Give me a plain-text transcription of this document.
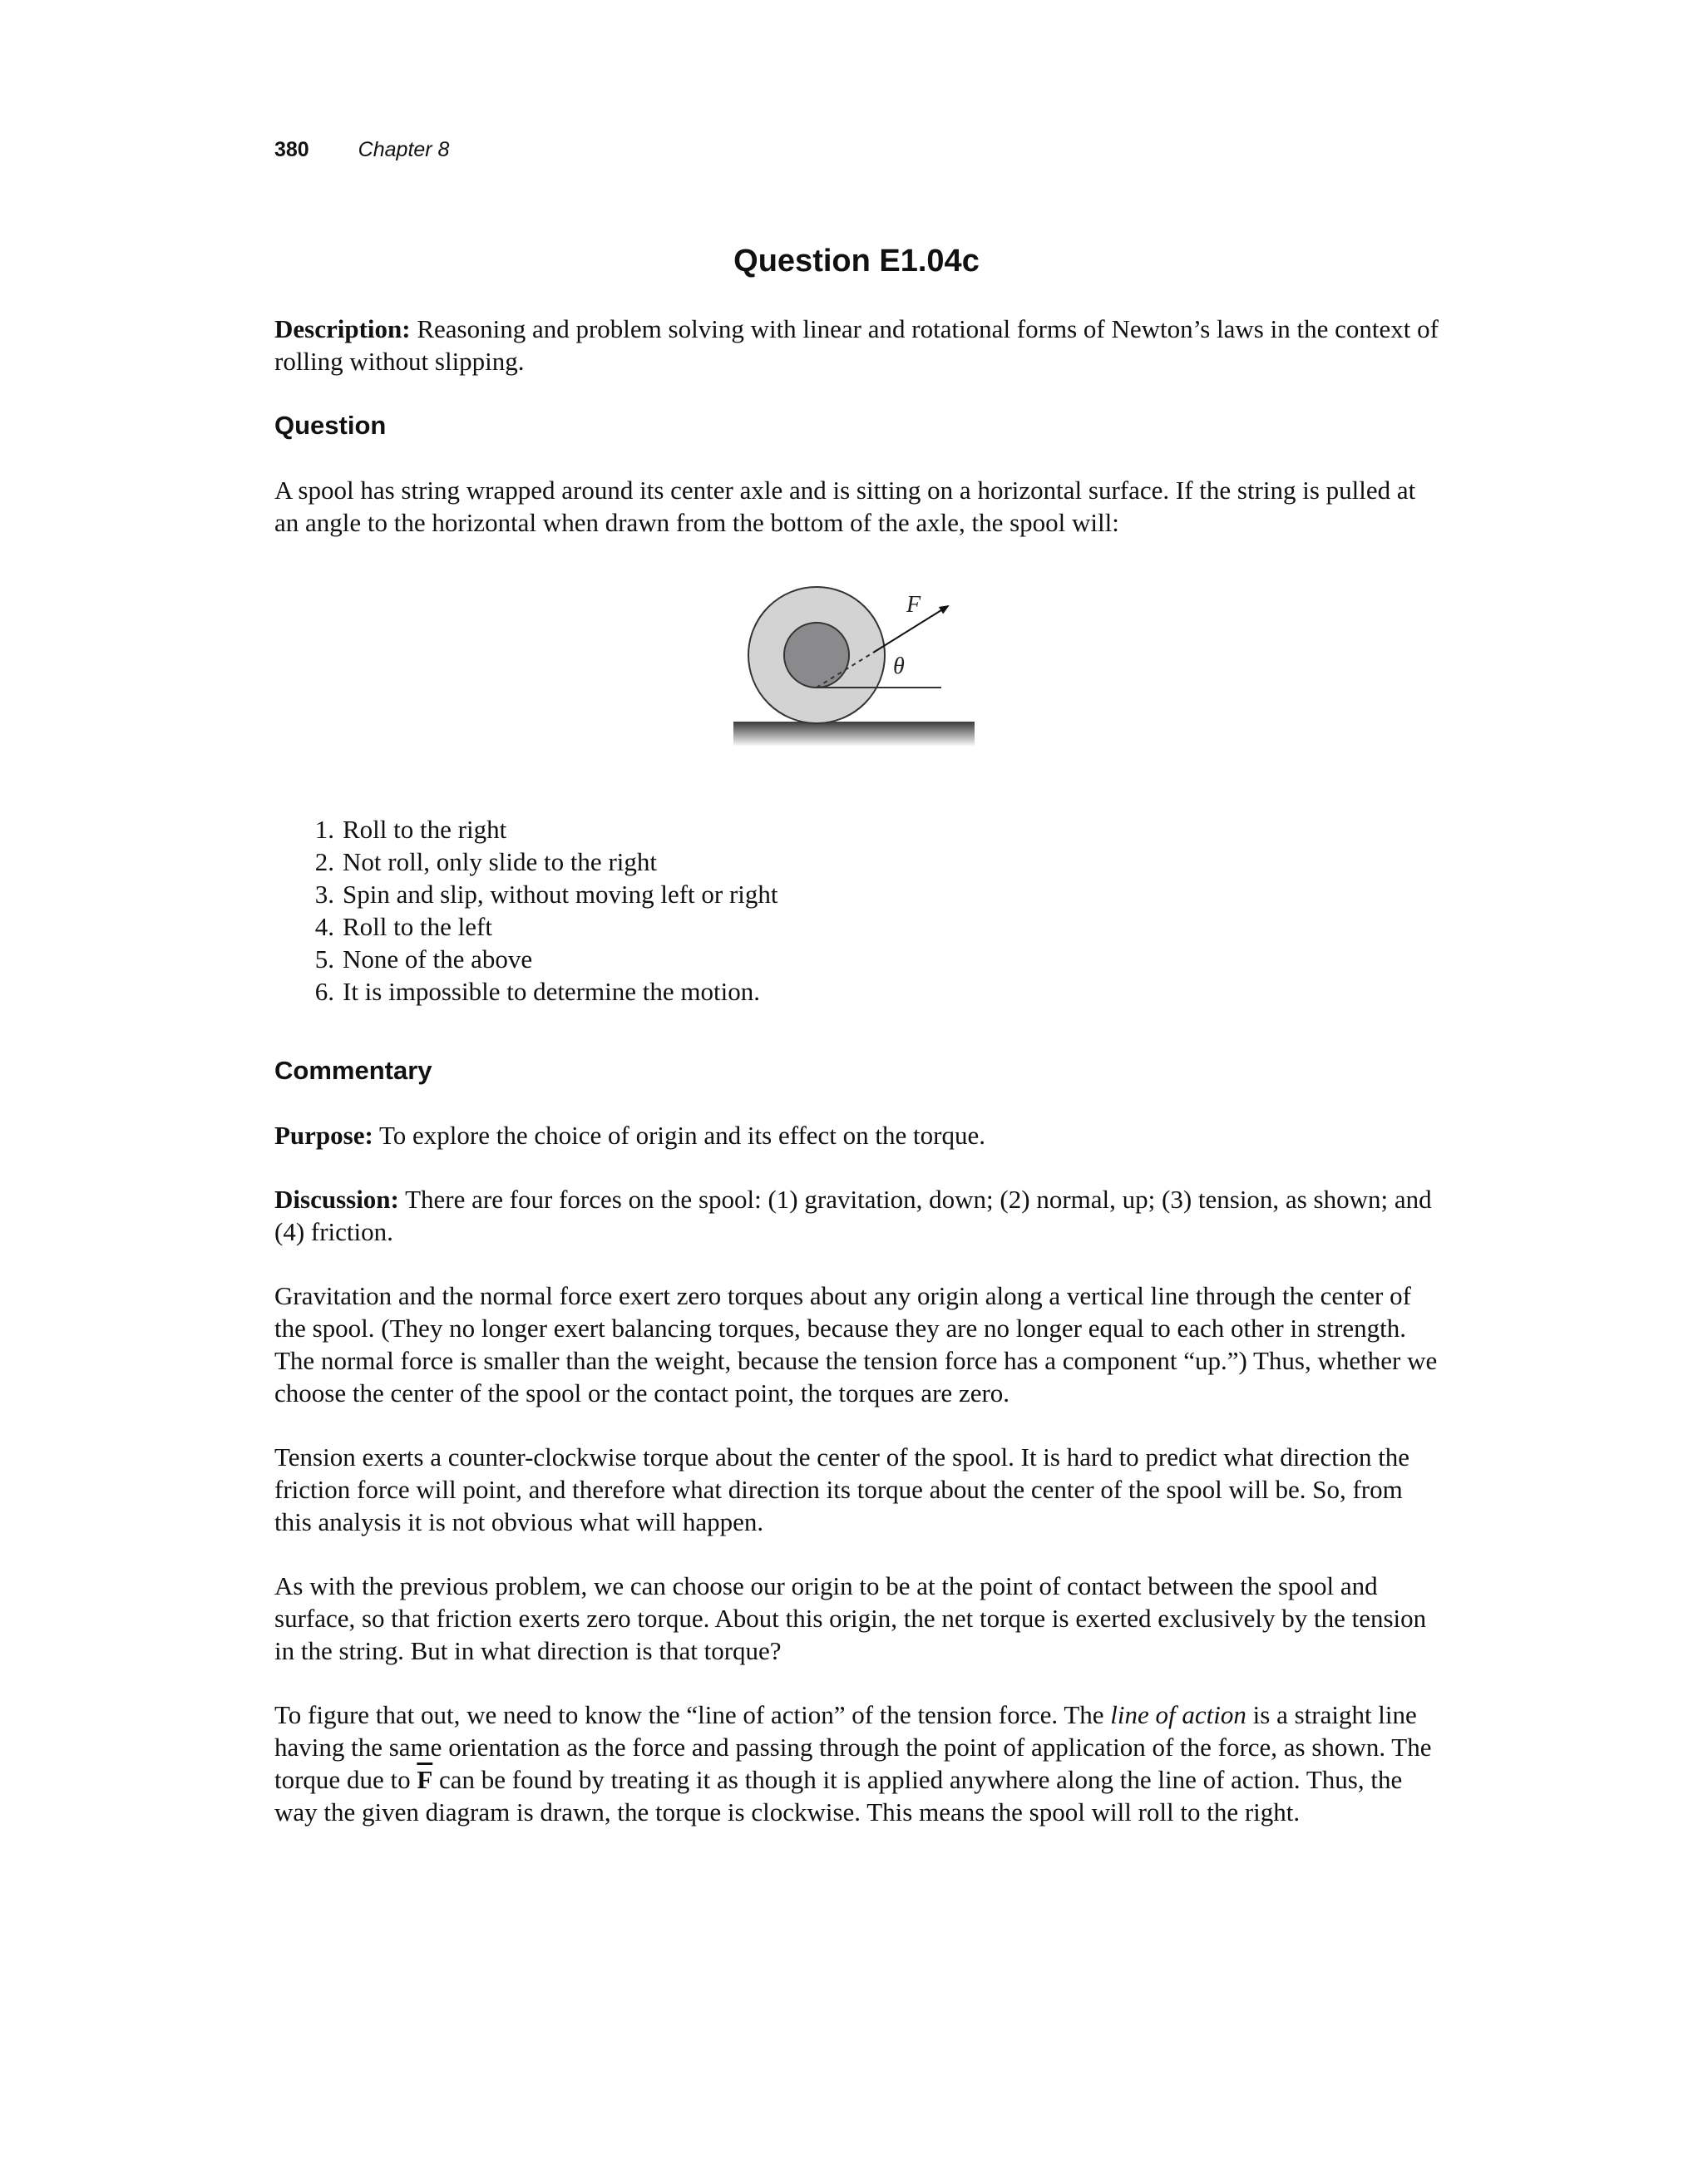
380 Chapter 8
Question E1.04c

Description: Reasoning and problem solving with linear and rotational forms of Newton’s laws in the context of rolling without slipping.

Question

A spool has string wrapped around its center axle and is sitting on a horizontal surface. If the string is pulled at an angle to the horizontal when drawn from the bottom of the axle, the spool will:

F
θ
1. Roll to the right
2. Not roll, only slide to the right
3. Spin and slip, without moving left or right
4. Roll to the left
5. None of the above
6. It is impossible to determine the motion.
Commentary

Purpose: To explore the choice of origin and its effect on the torque.

Discussion: There are four forces on the spool: (1) gravitation, down; (2) normal, up; (3) tension, as shown; and (4) friction.

Gravitation and the normal force exert zero torques about any origin along a vertical line through the center of the spool. (They no longer exert balancing torques, because they are no longer equal to each other in strength. The normal force is smaller than the weight, because the tension force has a component “up.”) Thus, whether we choose the center of the spool or the contact point, the torques are zero.

Tension exerts a counter-clockwise torque about the center of the spool. It is hard to predict what direction the friction force will point, and therefore what direction its torque about the center of the spool will be. So, from this analysis it is not obvious what will happen.

As with the previous problem, we can choose our origin to be at the point of contact between the spool and surface, so that friction exerts zero torque. About this origin, the net torque is exerted exclusively by the tension in the string. But in what direction is that torque?

To figure that out, we need to know the “line of action” of the tension force. The line of action is a straight line having the same orientation as the force and passing through the point of application of the force, as shown. The torque due to $\overline{F}$ can be found by treating it as though it is applied anywhere along the line of action. Thus, the way the given diagram is drawn, the torque is clockwise. This means the spool will roll to the right.
